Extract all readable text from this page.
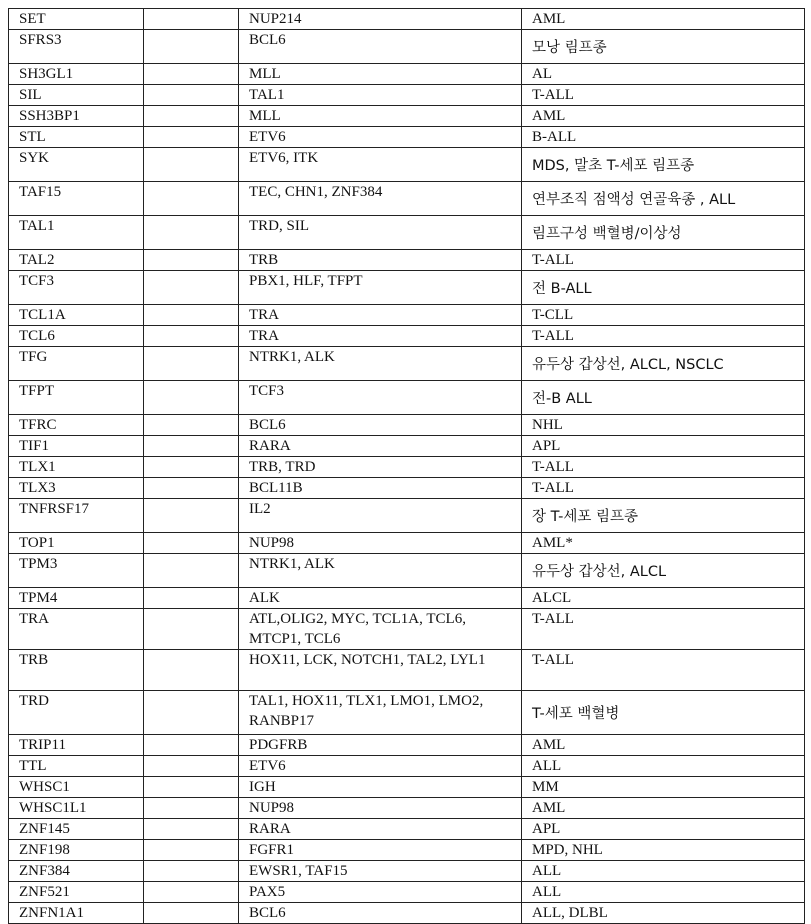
SET		NUP214	AML
SFRS3		BCL6	모낭 림프종
SH3GL1		MLL	AL
SIL		TAL1	T-ALL
SSH3BP1		MLL	AML
STL		ETV6	B-ALL
SYK		ETV6, ITK	MDS, 말초 T-세포 림프종
TAF15		TEC, CHN1, ZNF384	연부조직 점액성 연골육종 , ALL
TAL1		TRD, SIL	림프구성 백혈병/이상성
TAL2		TRB	T-ALL
TCF3		PBX1, HLF, TFPT	전 B-ALL
TCL1A		TRA	T-CLL
TCL6		TRA	T-ALL
TFG		NTRK1, ALK	유두상 갑상선, ALCL, NSCLC
TFPT		TCF3	전-B ALL
TFRC		BCL6	NHL
TIF1		RARA	APL
TLX1		TRB, TRD	T-ALL
TLX3		BCL11B	T-ALL
TNFRSF17		IL2	장 T-세포 림프종
TOP1		NUP98	AML*
TPM3		NTRK1, ALK	유두상 갑상선, ALCL
TPM4		ALK	ALCL
TRA		ATL,OLIG2, MYC, TCL1A, TCL6, MTCP1, TCL6	T-ALL
TRB		HOX11, LCK, NOTCH1, TAL2, LYL1	T-ALL
TRD		TAL1, HOX11, TLX1, LMO1, LMO2, RANBP17	T-세포 백혈병
TRIP11		PDGFRB	AML
TTL		ETV6	ALL
WHSC1		IGH	MM
WHSC1L1		NUP98	AML
ZNF145		RARA	APL
ZNF198		FGFR1	MPD, NHL
ZNF384		EWSR1, TAF15	ALL
ZNF521		PAX5	ALL
ZNFN1A1		BCL6	ALL, DLBL
